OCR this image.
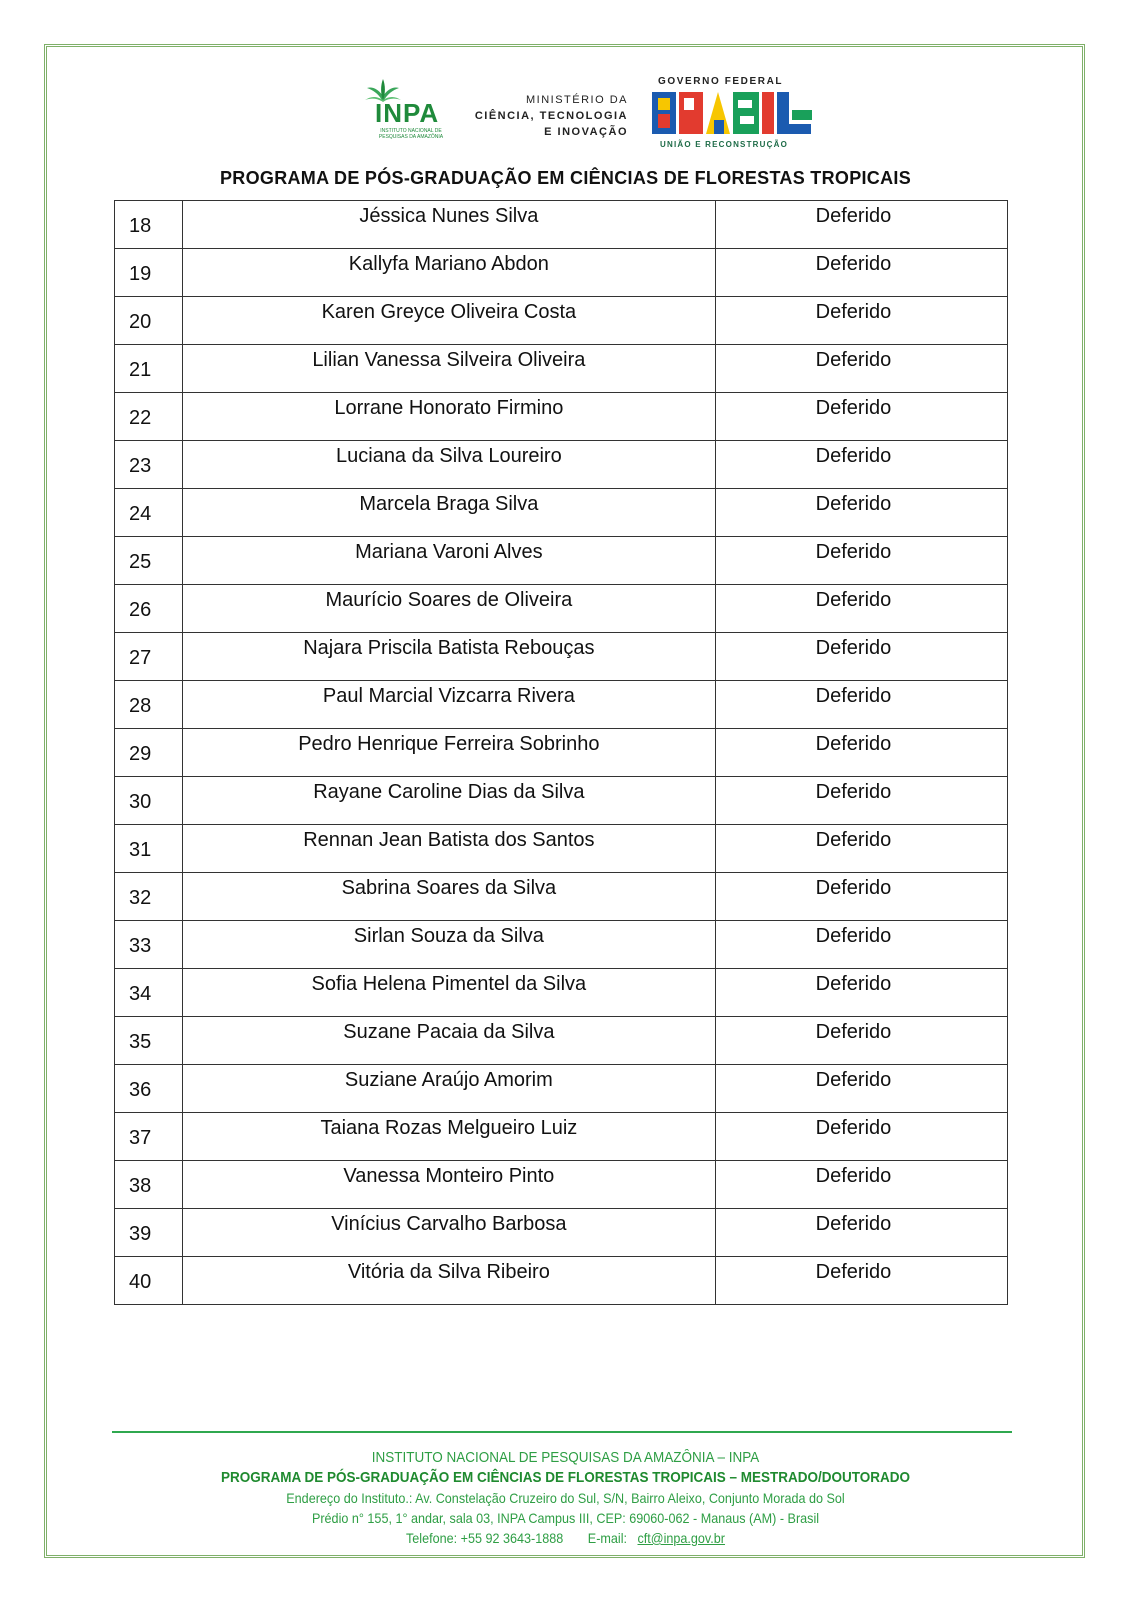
INPA
INSTITUTO NACIONAL DE PESQUISAS DA AMAZÔNIA
MINISTÉRIO DA
CIÊNCIA, TECNOLOGIA
E INOVAÇÃO
GOVERNO FEDERAL
UNIÃO E RECONSTRUÇÃO
PROGRAMA DE PÓS-GRADUAÇÃO EM CIÊNCIAS DE FLORESTAS TROPICAIS
18	Jéssica Nunes Silva	Deferido
19	Kallyfa Mariano Abdon	Deferido
20	Karen Greyce Oliveira Costa	Deferido
21	Lilian Vanessa Silveira Oliveira	Deferido
22	Lorrane Honorato Firmino	Deferido
23	Luciana da Silva Loureiro	Deferido
24	Marcela Braga Silva	Deferido
25	Mariana Varoni Alves	Deferido
26	Maurício Soares de Oliveira	Deferido
27	Najara Priscila Batista Rebouças	Deferido
28	Paul Marcial Vizcarra Rivera	Deferido
29	Pedro Henrique Ferreira Sobrinho	Deferido
30	Rayane Caroline Dias da Silva	Deferido
31	Rennan Jean Batista dos Santos	Deferido
32	Sabrina Soares da Silva	Deferido
33	Sirlan Souza da Silva	Deferido
34	Sofia Helena Pimentel da Silva	Deferido
35	Suzane Pacaia da Silva	Deferido
36	Suziane Araújo Amorim	Deferido
37	Taiana Rozas Melgueiro Luiz	Deferido
38	Vanessa Monteiro Pinto	Deferido
39	Vinícius Carvalho Barbosa	Deferido
40	Vitória da Silva Ribeiro	Deferido
INSTITUTO NACIONAL DE PESQUISAS DA AMAZÔNIA – INPA
PROGRAMA DE PÓS-GRADUAÇÃO EM CIÊNCIAS DE FLORESTAS TROPICAIS – MESTRADO/DOUTORADO
Endereço do Instituto.: Av. Constelação Cruzeiro do Sul, S/N, Bairro Aleixo, Conjunto Morada do Sol
Prédio n° 155, 1° andar, sala 03, INPA Campus III, CEP: 69060-062 - Manaus (AM) - Brasil
Telefone: +55 92 3643-1888 E-mail: cft@inpa.gov.br
